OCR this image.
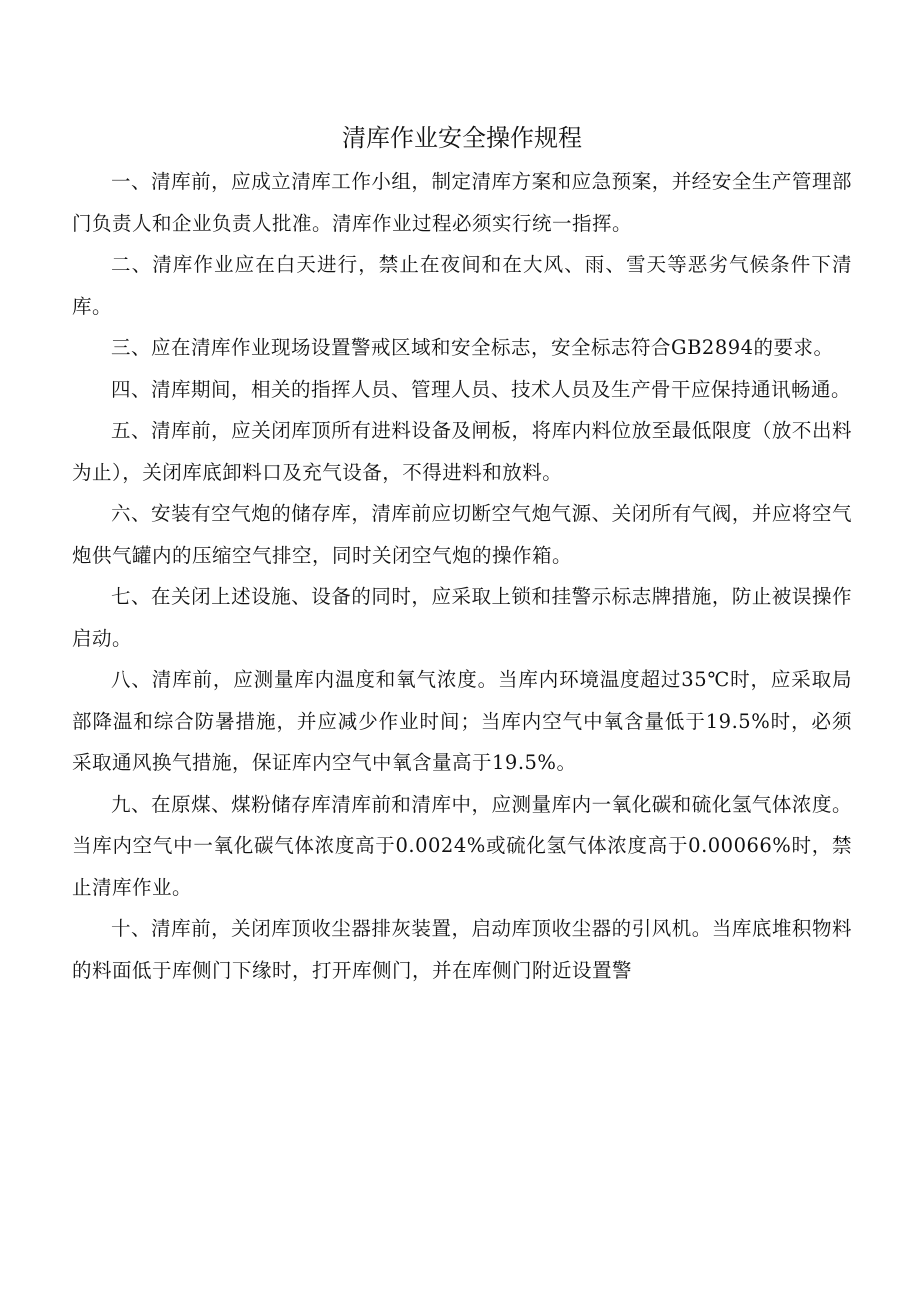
清库作业安全操作规程

一、清库前，应成立清库工作小组，制定清库方案和应急预案，并经安全生产管理部门负责人和企业负责人批准。清库作业过程必须实行统一指挥。

二、清库作业应在白天进行，禁止在夜间和在大风、雨、雪天等恶劣气候条件下清库。

三、应在清库作业现场设置警戒区域和安全标志，安全标志符合GB2894的要求。

四、清库期间，相关的指挥人员、管理人员、技术人员及生产骨干应保持通讯畅通。

五、清库前，应关闭库顶所有进料设备及闸板，将库内料位放至最低限度（放不出料为止），关闭库底卸料口及充气设备，不得进料和放料。

六、安装有空气炮的储存库，清库前应切断空气炮气源、关闭所有气阀，并应将空气炮供气罐内的压缩空气排空，同时关闭空气炮的操作箱。

七、在关闭上述设施、设备的同时，应采取上锁和挂警示标志牌措施，防止被误操作启动。

八、清库前，应测量库内温度和氧气浓度。当库内环境温度超过35℃时，应采取局部降温和综合防暑措施，并应减少作业时间；当库内空气中氧含量低于19.5%时，必须采取通风换气措施，保证库内空气中氧含量高于19.5%。

九、在原煤、煤粉储存库清库前和清库中，应测量库内一氧化碳和硫化氢气体浓度。当库内空气中一氧化碳气体浓度高于0.0024%或硫化氢气体浓度高于0.00066%时，禁止清库作业。

十、清库前，关闭库顶收尘器排灰装置，启动库顶收尘器的引风机。当库底堆积物料的料面低于库侧门下缘时，打开库侧门，并在库侧门附近设置警
